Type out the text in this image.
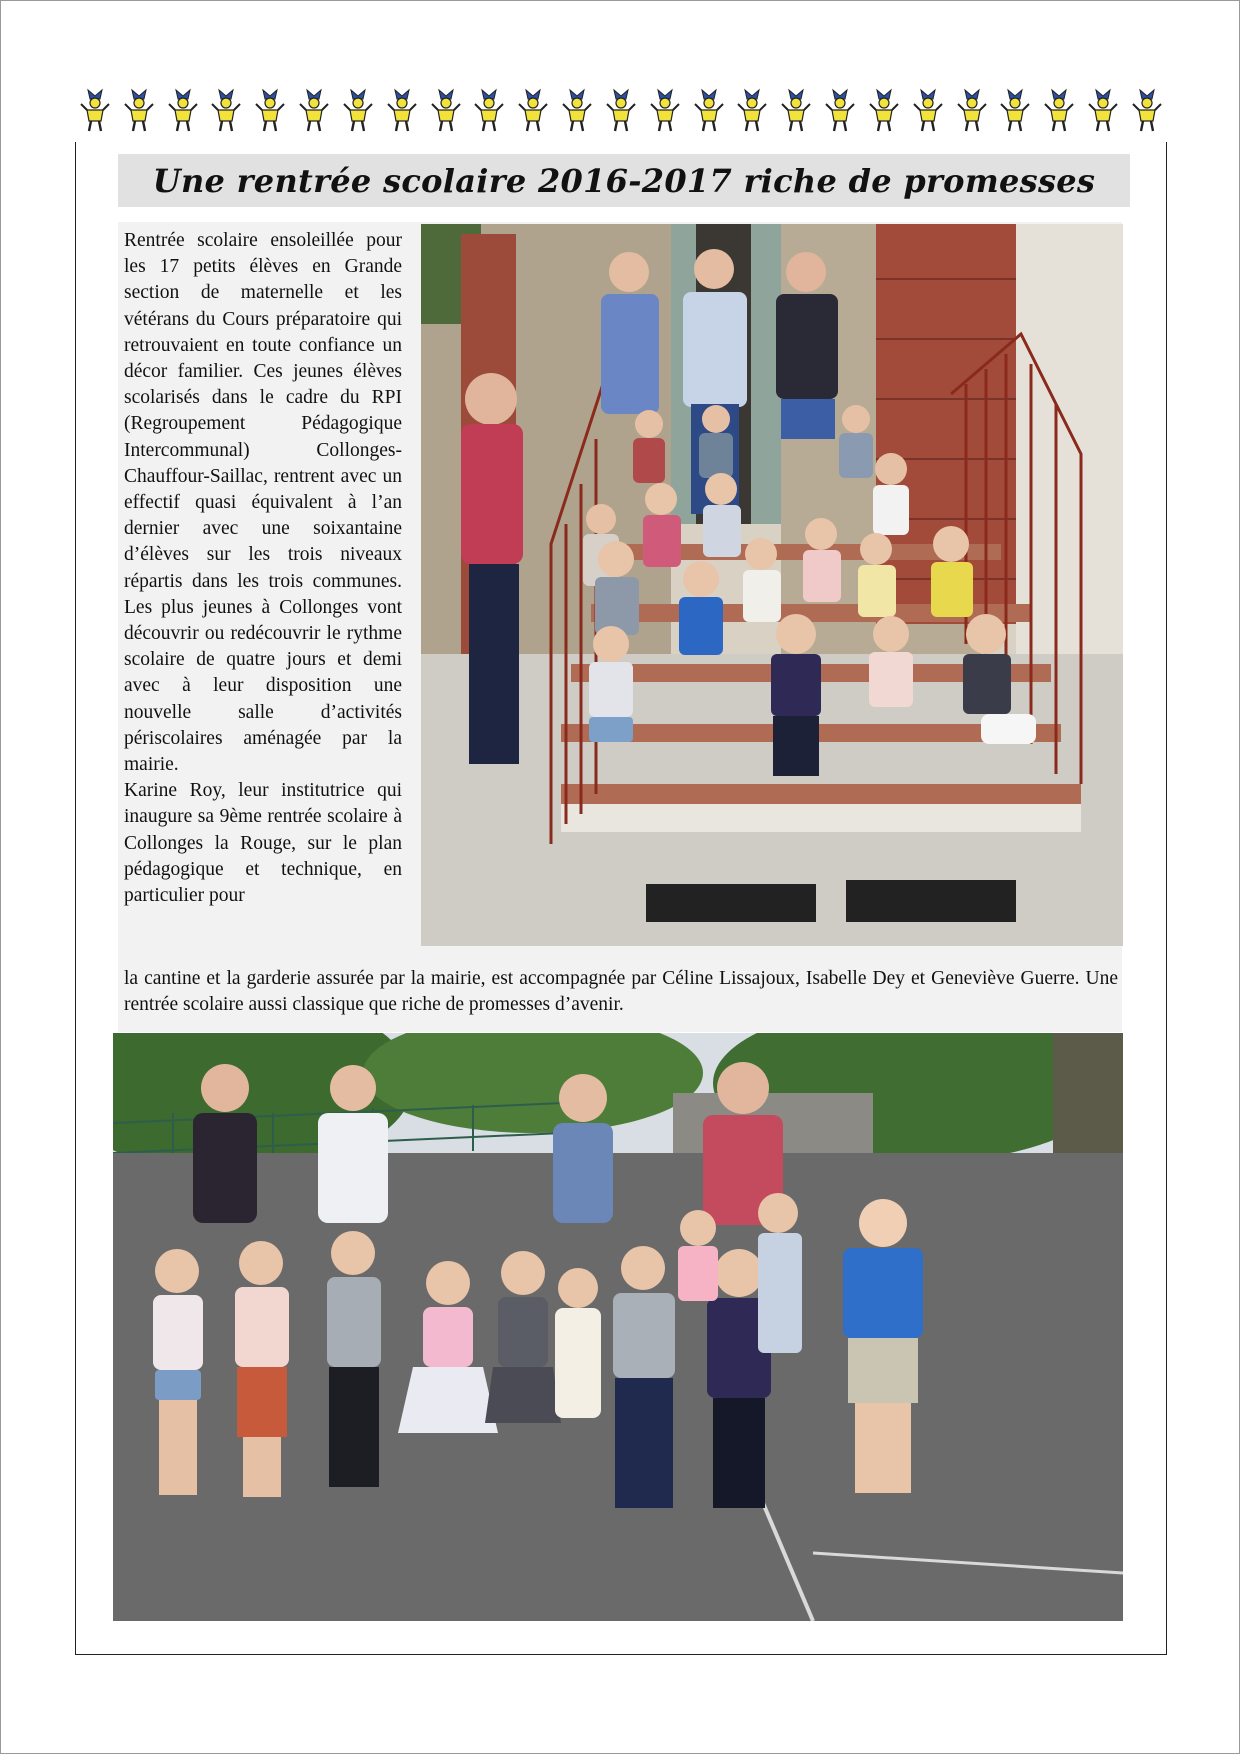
Une rentrée scolaire 2016-2017 riche de promesses

Rentrée scolaire ensoleillée pour les 17 petits élèves en Grande section de maternelle et les vétérans du Cours préparatoire qui retrouvaient en toute confiance un décor familier. Ces jeunes élèves scolarisés dans le cadre du RPI (Regroupement Pédagogique Intercommunal) Collonges-Chauffour-Saillac, rentrent avec un effectif quasi équivalent à l’an dernier avec une soixantaine d’élèves sur les trois niveaux répartis dans les trois communes. Les plus jeunes à Collonges vont découvrir ou redécouvrir le rythme scolaire de quatre jours et demi avec à leur disposition une nouvelle salle d’activités périscolaires aménagée par la mairie.

Karine Roy, leur institutrice qui inaugure sa 9ème rentrée scolaire à Collonges la Rouge, sur le plan pédagogique et technique, en particulier pour

la cantine et la garderie assurée par la mairie, est accompagnée par Céline Lissajoux, Isabelle Dey et Geneviève Guerre. Une rentrée scolaire aussi classique que riche de promesses d’avenir.
